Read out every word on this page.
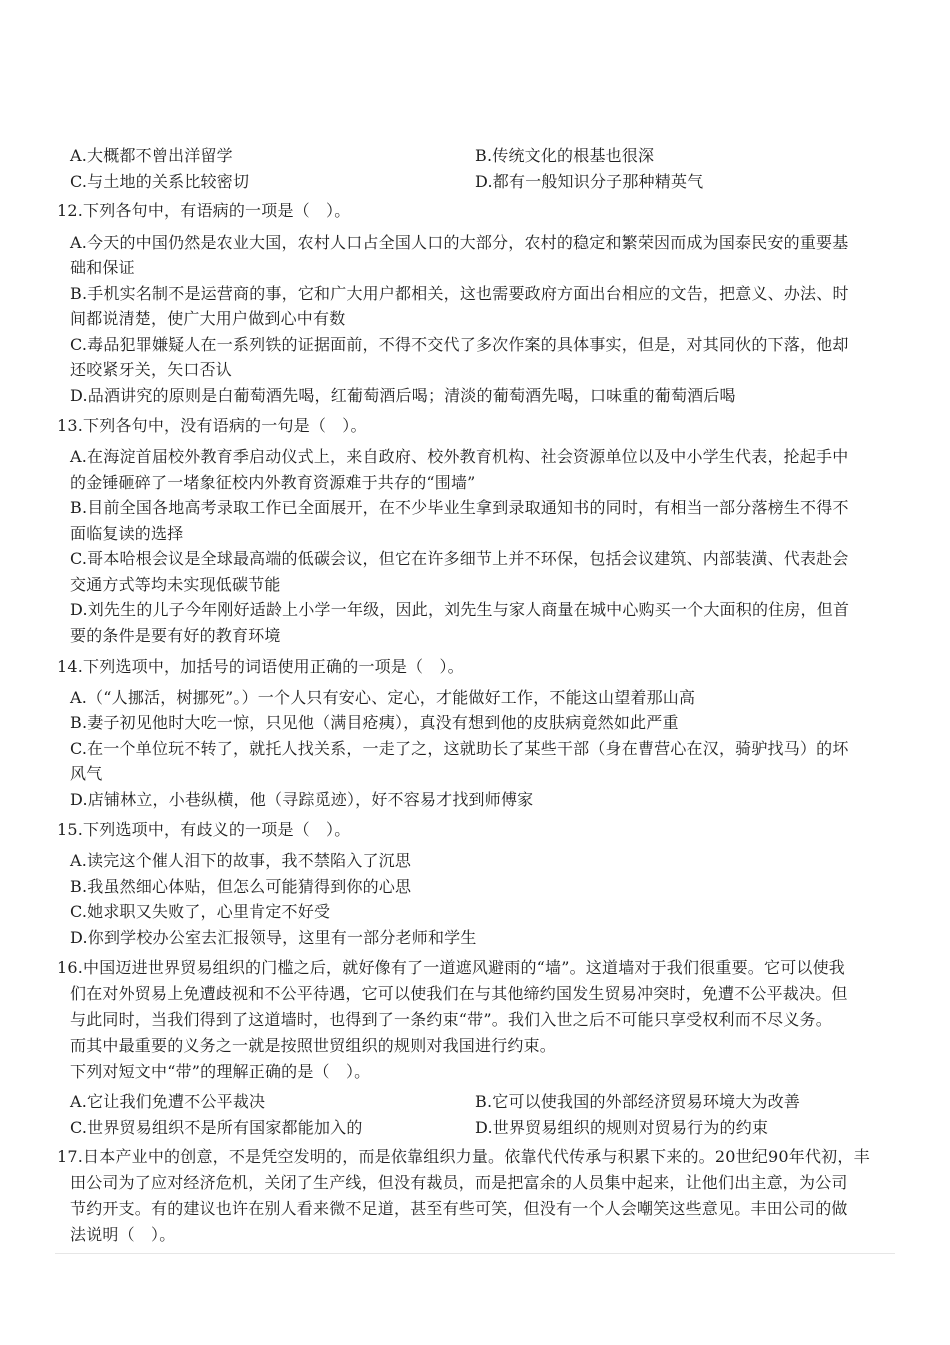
A.大概都不曾出洋留学	B.传统文化的根基也很深
C.与土地的关系比较密切	D.都有一般知识分子那种精英气
12.下列各句中，有语病的一项是（　）。
A.今天的中国仍然是农业大国，农村人口占全国人口的大部分，农村的稳定和繁荣因而成为国泰民安的重要基
础和保证
B.手机实名制不是运营商的事，它和广大用户都相关，这也需要政府方面出台相应的文告，把意义、办法、时
间都说清楚，使广大用户做到心中有数
C.毒品犯罪嫌疑人在一系列铁的证据面前，不得不交代了多次作案的具体事实，但是，对其同伙的下落，他却
还咬紧牙关，矢口否认
D.品酒讲究的原则是白葡萄酒先喝，红葡萄酒后喝；清淡的葡萄酒先喝，口味重的葡萄酒后喝
13.下列各句中，没有语病的一句是（　）。
A.在海淀首届校外教育季启动仪式上，来自政府、校外教育机构、社会资源单位以及中小学生代表，抡起手中
的金锤砸碎了一堵象征校内外教育资源难于共存的“围墙”
B.目前全国各地高考录取工作已全面展开，在不少毕业生拿到录取通知书的同时，有相当一部分落榜生不得不
面临复读的选择
C.哥本哈根会议是全球最高端的低碳会议，但它在许多细节上并不环保，包括会议建筑、内部装潢、代表赴会
交通方式等均未实现低碳节能
D.刘先生的儿子今年刚好适龄上小学一年级，因此，刘先生与家人商量在城中心购买一个大面积的住房，但首
要的条件是要有好的教育环境
14.下列选项中，加括号的词语使用正确的一项是（　）。
A.（“人挪活，树挪死”。）一个人只有安心、定心，才能做好工作，不能这山望着那山高
B.妻子初见他时大吃一惊，只见他（满目疮痍），真没有想到他的皮肤病竟然如此严重
C.在一个单位玩不转了，就托人找关系，一走了之，这就助长了某些干部（身在曹营心在汉，骑驴找马）的坏
风气
D.店铺林立，小巷纵横，他（寻踪觅迹），好不容易才找到师傅家
15.下列选项中，有歧义的一项是（　）。
A.读完这个催人泪下的故事，我不禁陷入了沉思
B.我虽然细心体贴，但怎么可能猜得到你的心思
C.她求职又失败了，心里肯定不好受
D.你到学校办公室去汇报领导，这里有一部分老师和学生
16.中国迈进世界贸易组织的门槛之后，就好像有了一道遮风避雨的“墙”。这道墙对于我们很重要。它可以使我
们在对外贸易上免遭歧视和不公平待遇，它可以使我们在与其他缔约国发生贸易冲突时，免遭不公平裁决。但
与此同时，当我们得到了这道墙时，也得到了一条约束“带”。我们入世之后不可能只享受权利而不尽义务。
而其中最重要的义务之一就是按照世贸组织的规则对我国进行约束。
下列对短文中“带”的理解正确的是（　）。
A.它让我们免遭不公平裁决	B.它可以使我国的外部经济贸易环境大为改善
C.世界贸易组织不是所有国家都能加入的	D.世界贸易组织的规则对贸易行为的约束
17.日本产业中的创意，不是凭空发明的，而是依靠组织力量。依靠代代传承与积累下来的。20世纪90年代初，丰
田公司为了应对经济危机，关闭了生产线，但没有裁员，而是把富余的人员集中起来，让他们出主意，为公司
节约开支。有的建议也许在别人看来微不足道，甚至有些可笑，但没有一个人会嘲笑这些意见。丰田公司的做
法说明（　）。
